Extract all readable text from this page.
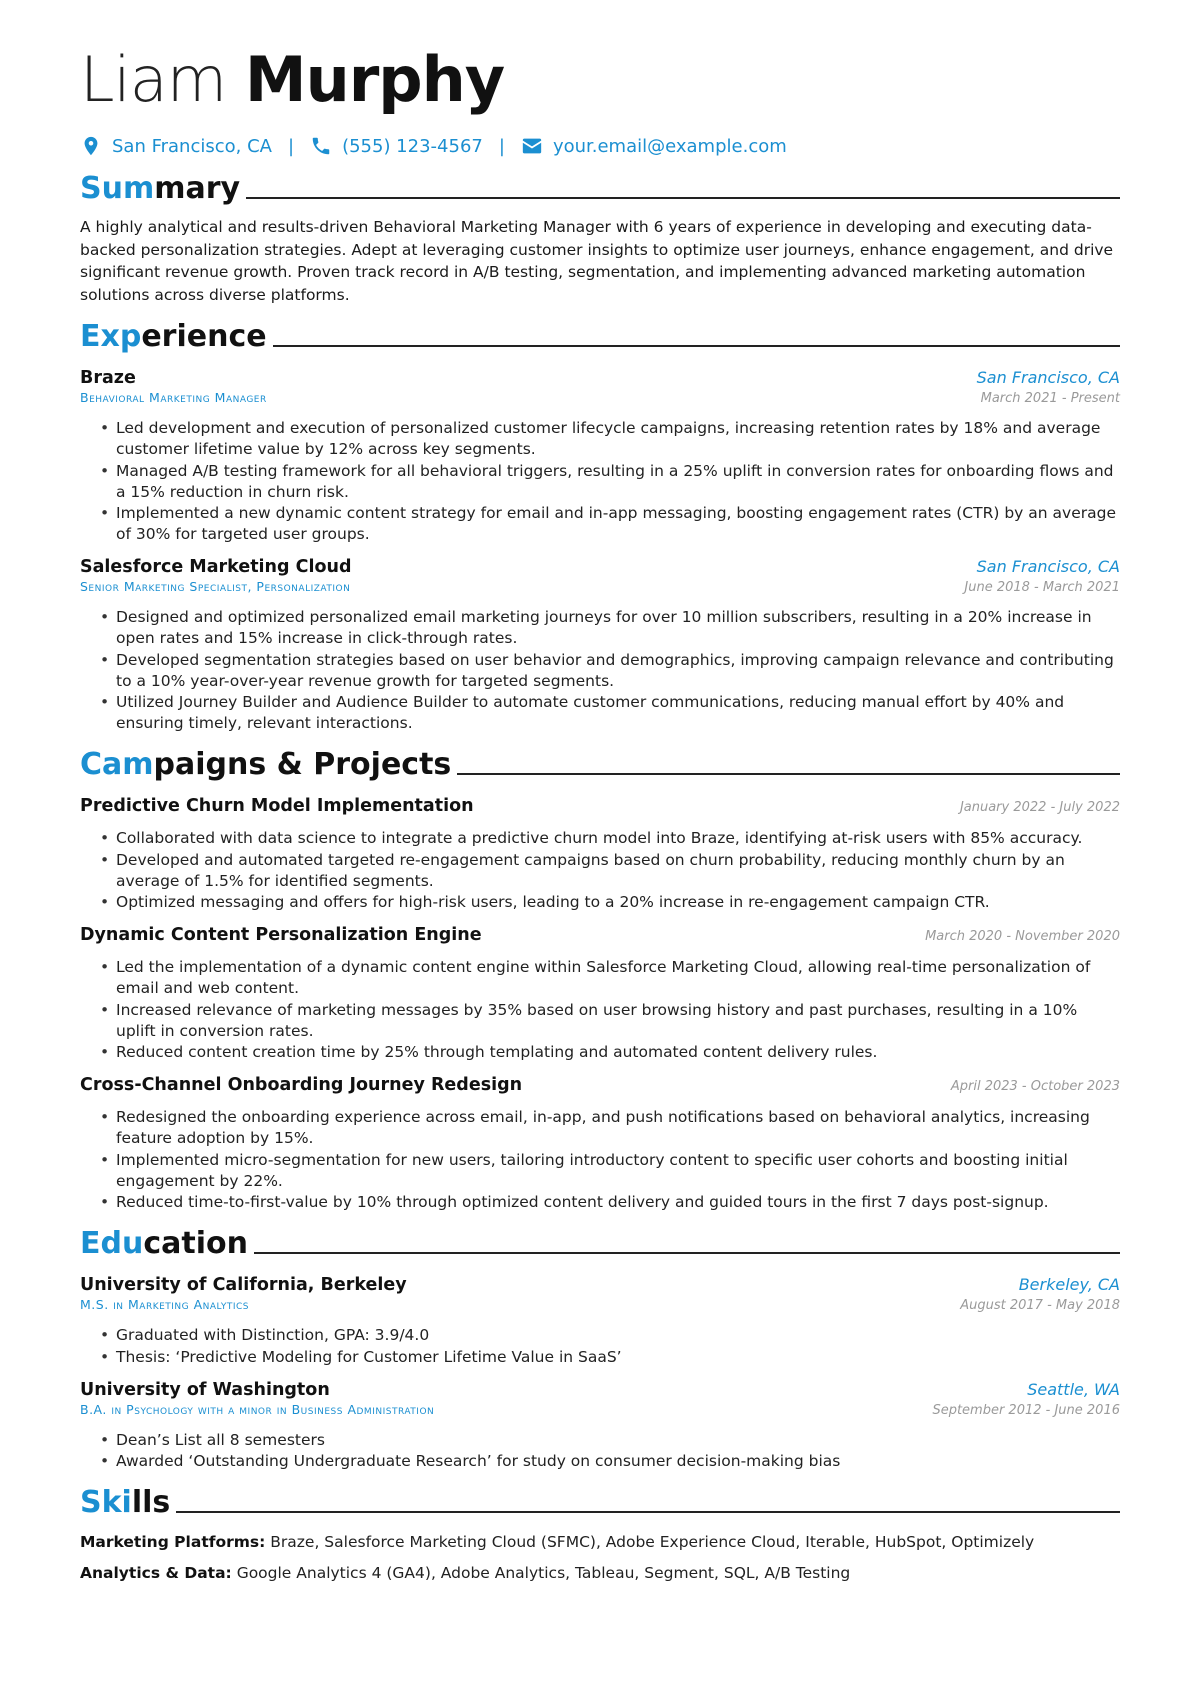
Liam Murphy
San Francisco, CA |	(555) 123-4567 |	your.email@example.com
Summary
A highly analytical and results-driven Behavioral Marketing Manager with 6 years of experience in developing and executing data-backed personalization strategies. Adept at leveraging customer insights to optimize user journeys, enhance engagement, and drive significant revenue growth. Proven track record in A/B testing, segmentation, and implementing advanced marketing automation solutions across diverse platforms.
Experience
Braze	San Francisco, CA
Behavioral Marketing Manager	March 2021 - Present
• Led development and execution of personalized customer lifecycle campaigns, increasing retention rates by 18% and average customer lifetime value by 12% across key segments.
• Managed A/B testing framework for all behavioral triggers, resulting in a 25% uplift in conversion rates for onboarding flows and a 15% reduction in churn risk.
• Implemented a new dynamic content strategy for email and in-app messaging, boosting engagement rates (CTR) by an average of 30% for targeted user groups.
Salesforce Marketing Cloud	San Francisco, CA
Senior Marketing Specialist, Personalization	June 2018 - March 2021
• Designed and optimized personalized email marketing journeys for over 10 million subscribers, resulting in a 20% increase in open rates and 15% increase in click-through rates.
• Developed segmentation strategies based on user behavior and demographics, improving campaign relevance and contributing to a 10% year-over-year revenue growth for targeted segments.
• Utilized Journey Builder and Audience Builder to automate customer communications, reducing manual effort by 40% and ensuring timely, relevant interactions.
Campaigns & Projects
Predictive Churn Model Implementation	January 2022 - July 2022
• Collaborated with data science to integrate a predictive churn model into Braze, identifying at-risk users with 85% accuracy.
• Developed and automated targeted re-engagement campaigns based on churn probability, reducing monthly churn by an average of 1.5% for identified segments.
• Optimized messaging and offers for high-risk users, leading to a 20% increase in re-engagement campaign CTR.
Dynamic Content Personalization Engine	March 2020 - November 2020
• Led the implementation of a dynamic content engine within Salesforce Marketing Cloud, allowing real-time personalization of email and web content.
• Increased relevance of marketing messages by 35% based on user browsing history and past purchases, resulting in a 10% uplift in conversion rates.
• Reduced content creation time by 25% through templating and automated content delivery rules.
Cross-Channel Onboarding Journey Redesign	April 2023 - October 2023
• Redesigned the onboarding experience across email, in-app, and push notifications based on behavioral analytics, increasing feature adoption by 15%.
• Implemented micro-segmentation for new users, tailoring introductory content to specific user cohorts and boosting initial engagement by 22%.
• Reduced time-to-first-value by 10% through optimized content delivery and guided tours in the first 7 days post-signup.
Education
University of California, Berkeley	Berkeley, CA
M.S. in Marketing Analytics	August 2017 - May 2018
• Graduated with Distinction, GPA: 3.9/4.0
• Thesis: ‘Predictive Modeling for Customer Lifetime Value in SaaS’
University of Washington	Seattle, WA
B.A. in Psychology with a minor in Business Administration	September 2012 - June 2016
• Dean’s List all 8 semesters
• Awarded ‘Outstanding Undergraduate Research’ for study on consumer decision-making bias
Skills
Marketing Platforms: Braze, Salesforce Marketing Cloud (SFMC), Adobe Experience Cloud, Iterable, HubSpot, Optimizely
Analytics & Data: Google Analytics 4 (GA4), Adobe Analytics, Tableau, Segment, SQL, A/B Testing
